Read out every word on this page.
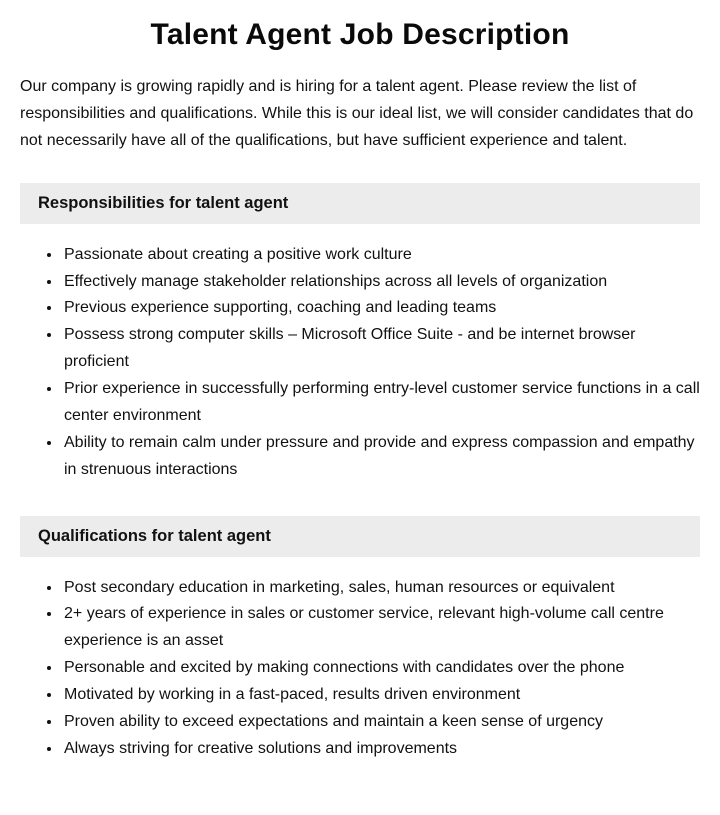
Talent Agent Job Description

Our company is growing rapidly and is hiring for a talent agent. Please review the list of responsibilities and qualifications. While this is our ideal list, we will consider candidates that do not necessarily have all of the qualifications, but have sufficient experience and talent.

Responsibilities for talent agent
• Passionate about creating a positive work culture
• Effectively manage stakeholder relationships across all levels of organization
• Previous experience supporting, coaching and leading teams
• Possess strong computer skills – Microsoft Office Suite - and be internet browser proficient
• Prior experience in successfully performing entry-level customer service functions in a call center environment
• Ability to remain calm under pressure and provide and express compassion and empathy in strenuous interactions
Qualifications for talent agent
• Post secondary education in marketing, sales, human resources or equivalent
• 2+ years of experience in sales or customer service, relevant high-volume call centre experience is an asset
• Personable and excited by making connections with candidates over the phone
• Motivated by working in a fast-paced, results driven environment
• Proven ability to exceed expectations and maintain a keen sense of urgency
• Always striving for creative solutions and improvements
